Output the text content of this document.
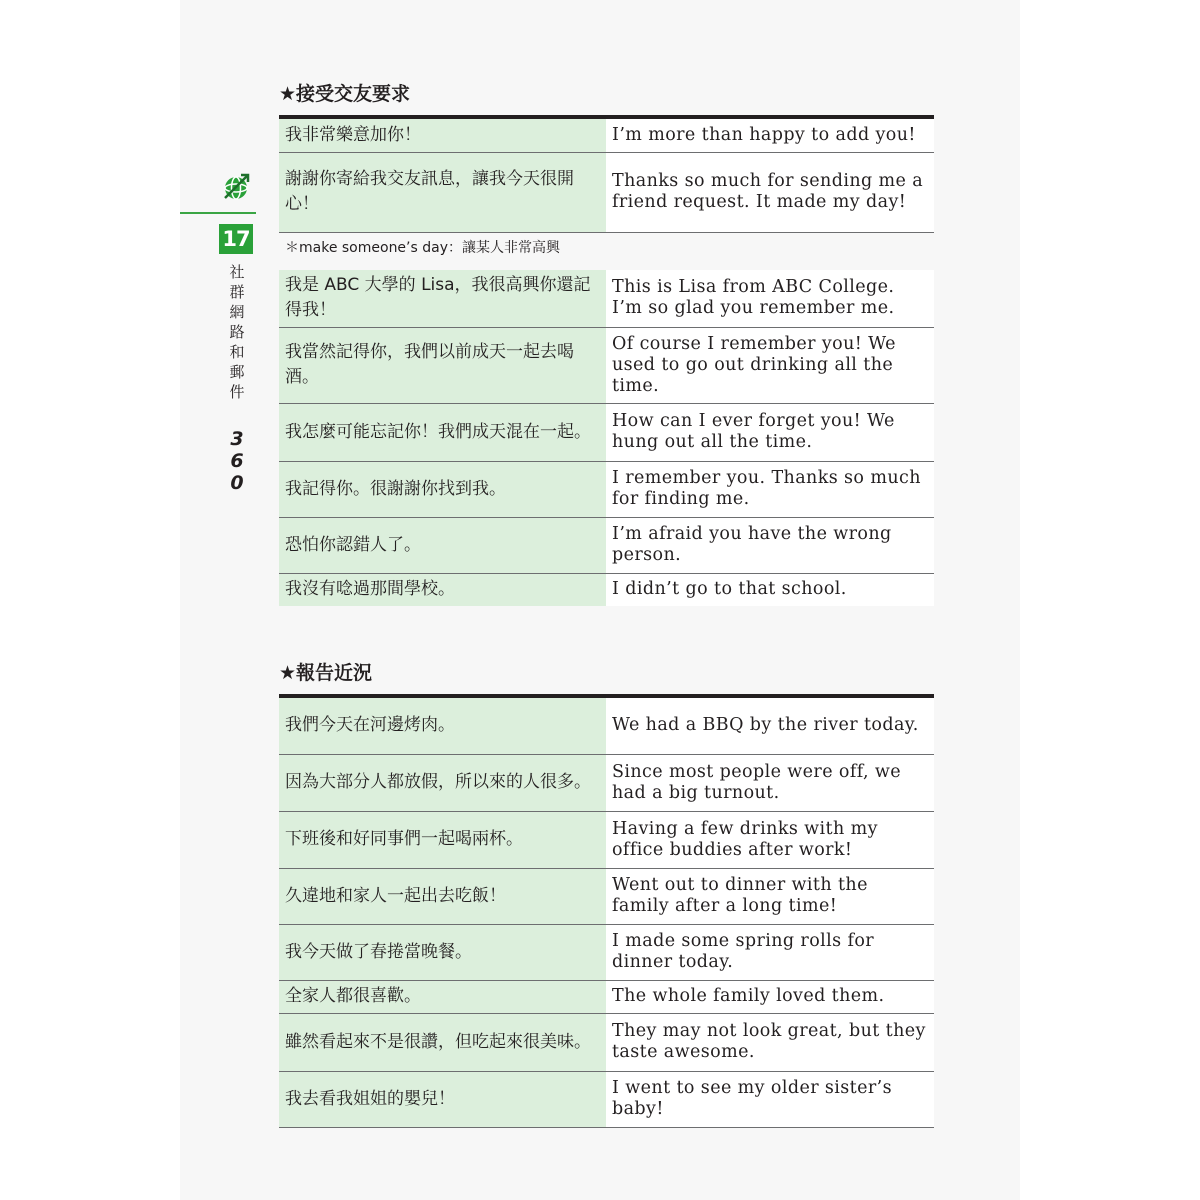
17
社群網路和郵件
360
★接受交友要求
我非常樂意加你！	I’m more than happy to add you!
謝謝你寄給我交友訊息，讓我今天很開心！	Thanks so much for sending me a friend request. It made my day!
＊make someone’s day：讓某人非常高興	
我是 ABC 大學的 Lisa，我很高興你還記得我！	This is Lisa from ABC College. I’m so glad you remember me.
我當然記得你，我們以前成天一起去喝酒。	Of course I remember you! We used to go out drinking all the time.
我怎麼可能忘記你！我們成天混在一起。	How can I ever forget you! We hung out all the time.
我記得你。很謝謝你找到我。	I remember you. Thanks so much for finding me.
恐怕你認錯人了。	I’m afraid you have the wrong person.
我沒有唸過那間學校。	I didn’t go to that school.
★報告近況
我們今天在河邊烤肉。	We had a BBQ by the river today.
因為大部分人都放假，所以來的人很多。	Since most people were off, we had a big turnout.
下班後和好同事們一起喝兩杯。	Having a few drinks with my office buddies after work!
久違地和家人一起出去吃飯！	Went out to dinner with the family after a long time!
我今天做了春捲當晚餐。	I made some spring rolls for dinner today.
全家人都很喜歡。	The whole family loved them.
雖然看起來不是很讚，但吃起來很美味。	They may not look great, but they taste awesome.
我去看我姐姐的嬰兒！	I went to see my older sister’s baby!
